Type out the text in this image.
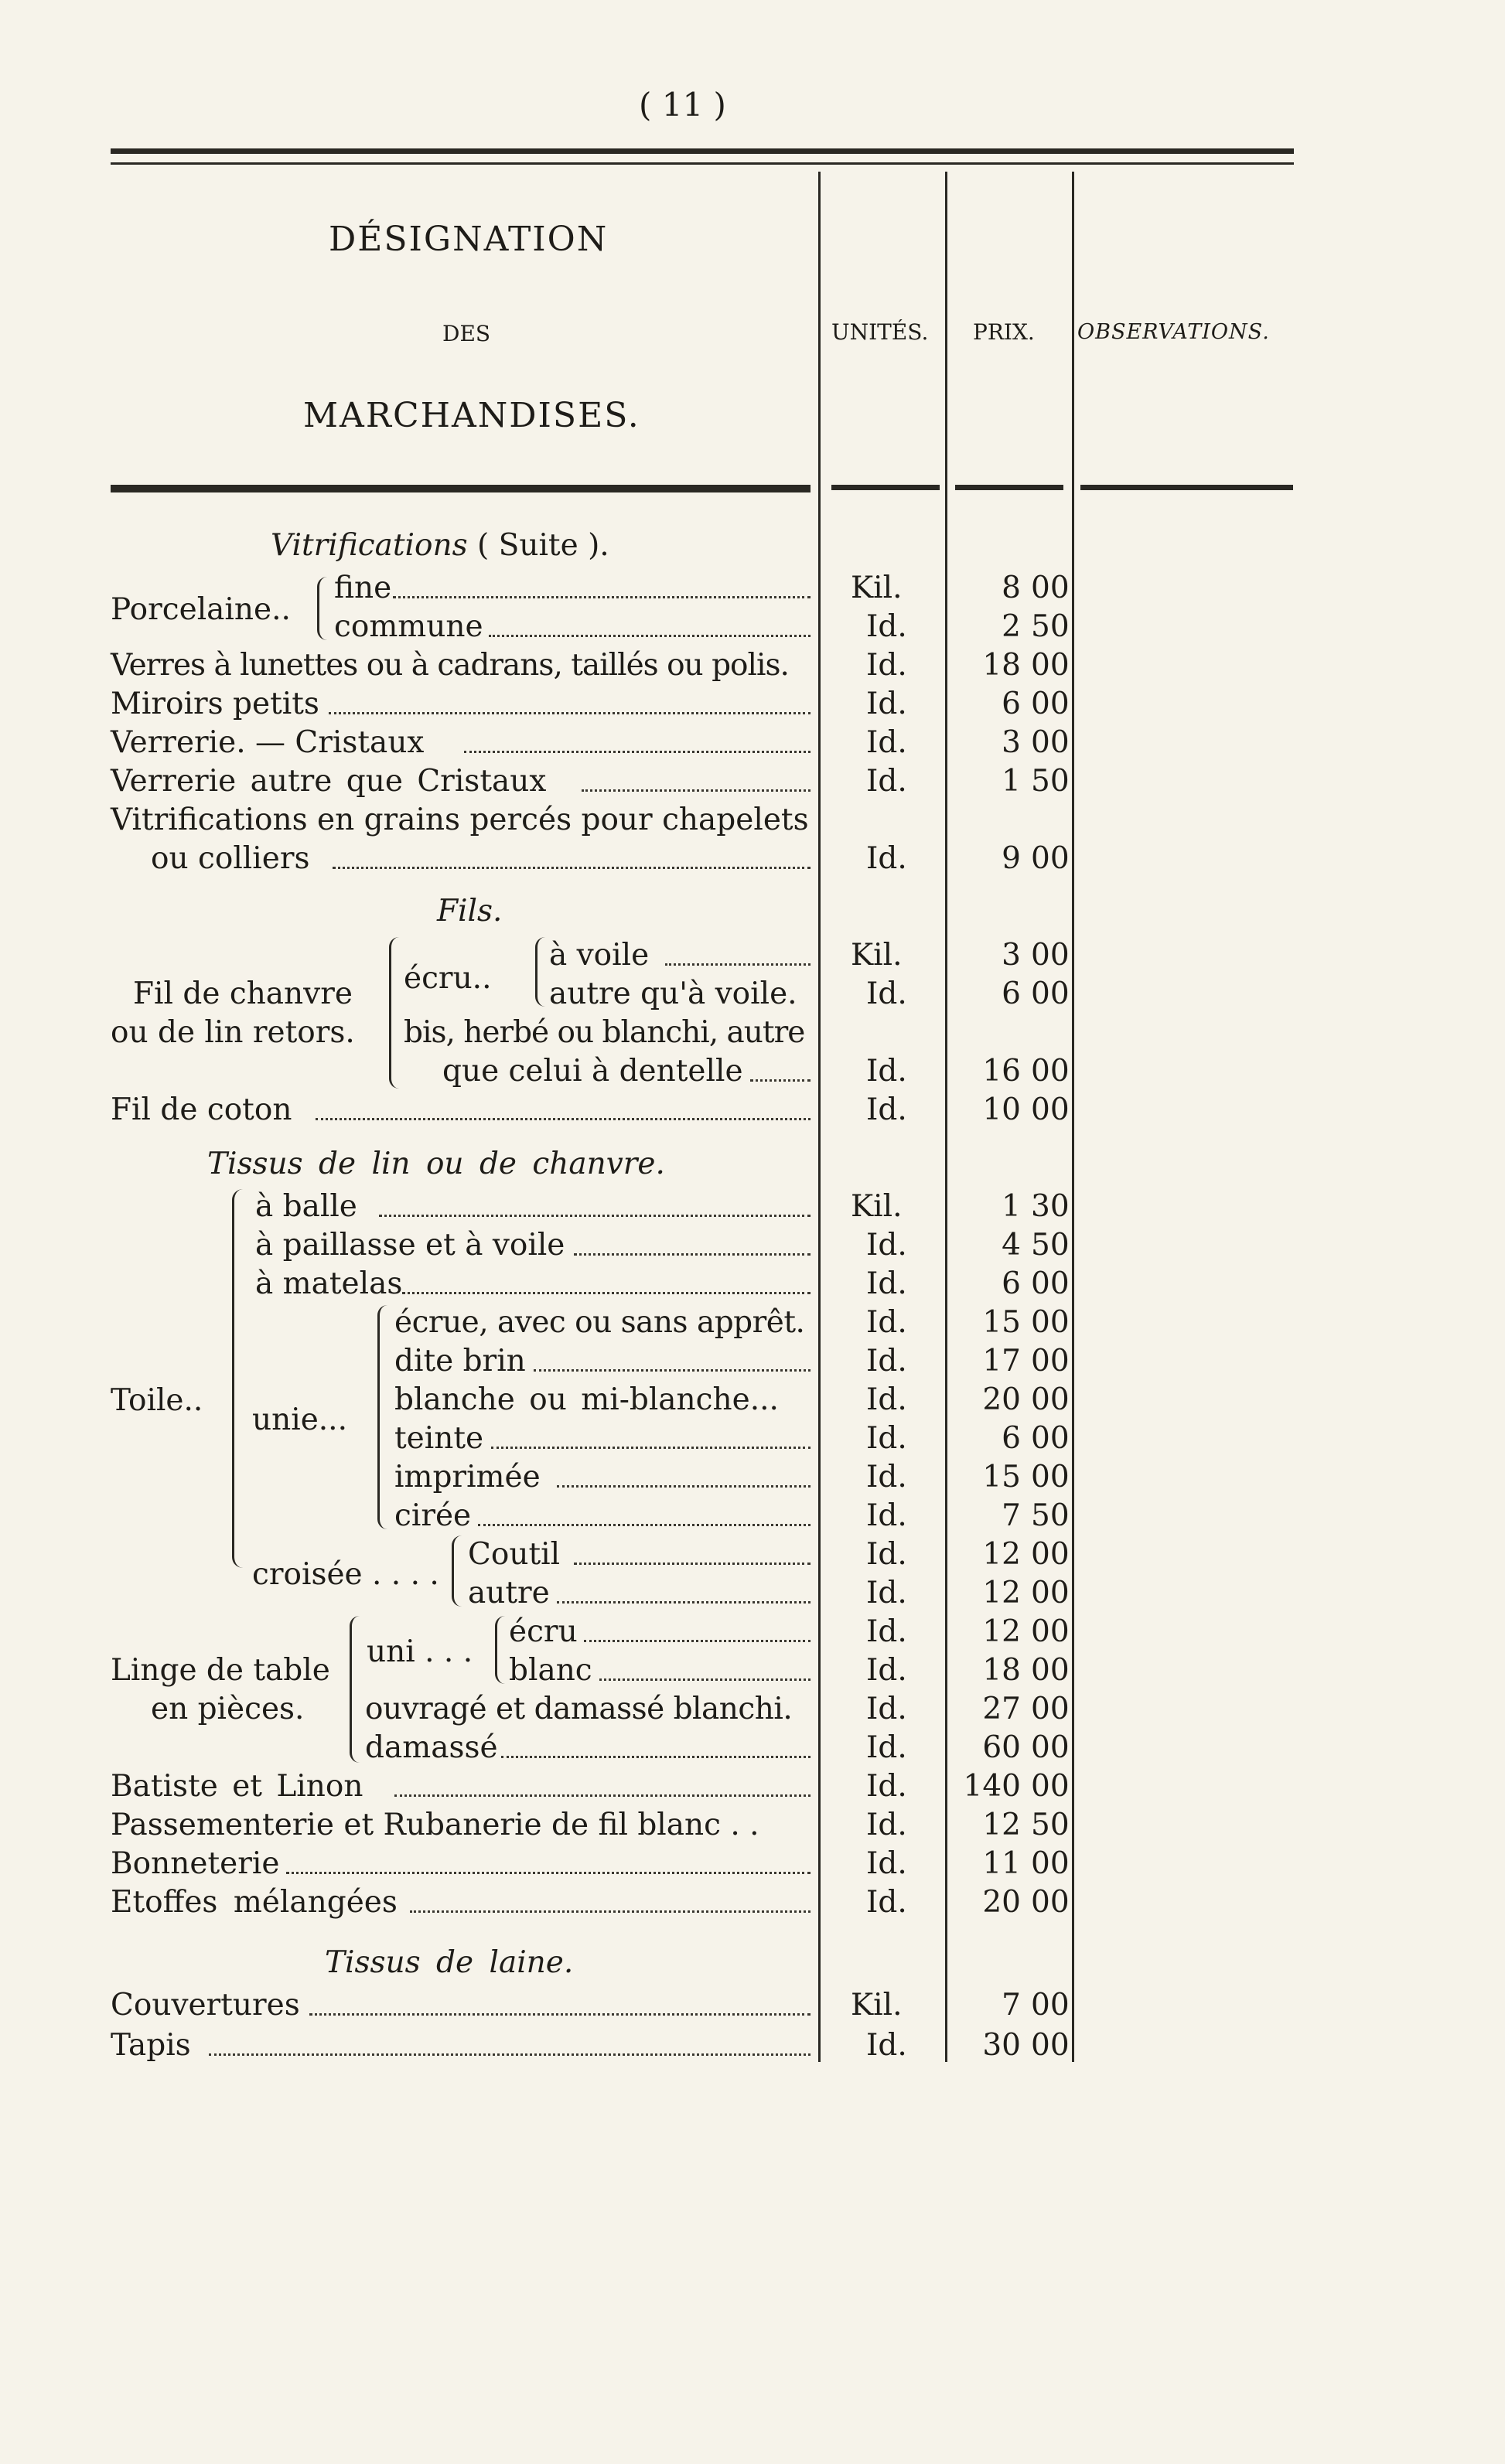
( 11 )
DÉSIGNATION
DES
MARCHANDISES.
UNITÉS. PRIX. OBSERVATIONS.
Vitrifications ( Suite ).
Porcelaine..
fine	Kil.	8 00
commune	Id.	2 50
Verres à lunettes ou à cadrans, taillés ou polis.	Id.	18 00
Miroirs petits	Id.	6 00
Verrerie. — Cristaux	Id.	3 00
Verrerie autre que Cristaux	Id.	1 50
Vitrifications en grains percés pour chapelets
ou colliers	Id.	9 00
Fils.
Fil de chanvre
ou de lin retors.
écru..
à voile	Kil.	3 00
autre qu'à voile. Id.	6 00
bis, herbé ou blanchi, autre
que celui à dentelle	Id.	16 00
Fil de coton	Id.	10 00
Tissus de lin ou de chanvre.
Toile..
unie...
croisée . . . .
à balle	Kil.	1 30
à paillasse et à voile	Id.	4 50
à matelas	Id.	6 00
écrue, avec ou sans apprêt. Id.	15 00
dite brin	Id.	17 00
blanche ou mi-blanche...	Id.	20 00
teinte	Id.	6 00
imprimée	Id.	15 00
cirée	Id.	7 50
Coutil	Id.	12 00
autre	Id.	12 00
Linge de table
en pièces.
uni . . .
écru	Id.	12 00
blanc	Id.	18 00
ouvragé et damassé blanchi. Id.	27 00
damassé	Id.	60 00
Batiste et Linon	Id.	140 00
Passementerie et Rubanerie de fil blanc . .	Id.	12 50
Bonneterie	Id.	11 00
Etoffes mélangées	Id.	20 00
Tissus de laine.
Couvertures	Kil.	7 00
Tapis	Id.	30 00
